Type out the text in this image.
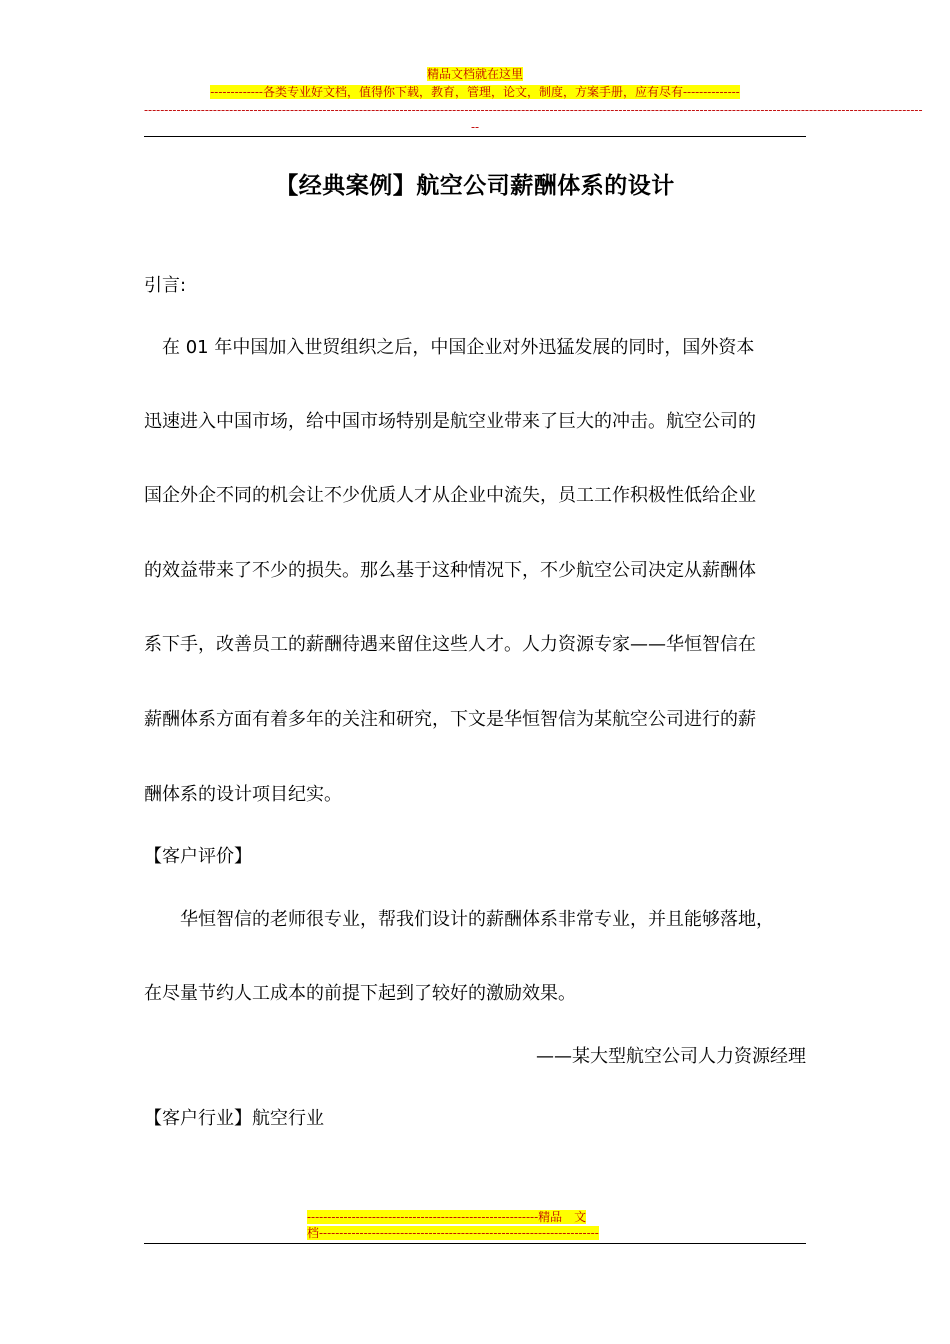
精品文档就在这里
-------------各类专业好文档，值得你下载，教育，管理，论文，制度，方案手册，应有尽有--------------
------------------------------------------------------------------------------------------------------------------------------------------------------------------------------------------------
--
【经典案例】航空公司薪酬体系的设计
引言:
　在 01 年中国加入世贸组织之后，中国企业对外迅猛发展的同时，国外资本
迅速进入中国市场，给中国市场特别是航空业带来了巨大的冲击。航空公司的
国企外企不同的机会让不少优质人才从企业中流失，员工工作积极性低给企业
的效益带来了不少的损失。那么基于这种情况下，不少航空公司决定从薪酬体
系下手，改善员工的薪酬待遇来留住这些人才。人力资源专家——华恒智信在
薪酬体系方面有着多年的关注和研究，下文是华恒智信为某航空公司进行的薪
酬体系的设计项目纪实。
【客户评价】
　　华恒智信的老师很专业，帮我们设计的薪酬体系非常专业，并且能够落地，
在尽量节约人工成本的前提下起到了较好的激励效果。
——某大型航空公司人力资源经理
【客户行业】航空行业
---------------------------------------------------------精品　文
档---------------------------------------------------------------------
